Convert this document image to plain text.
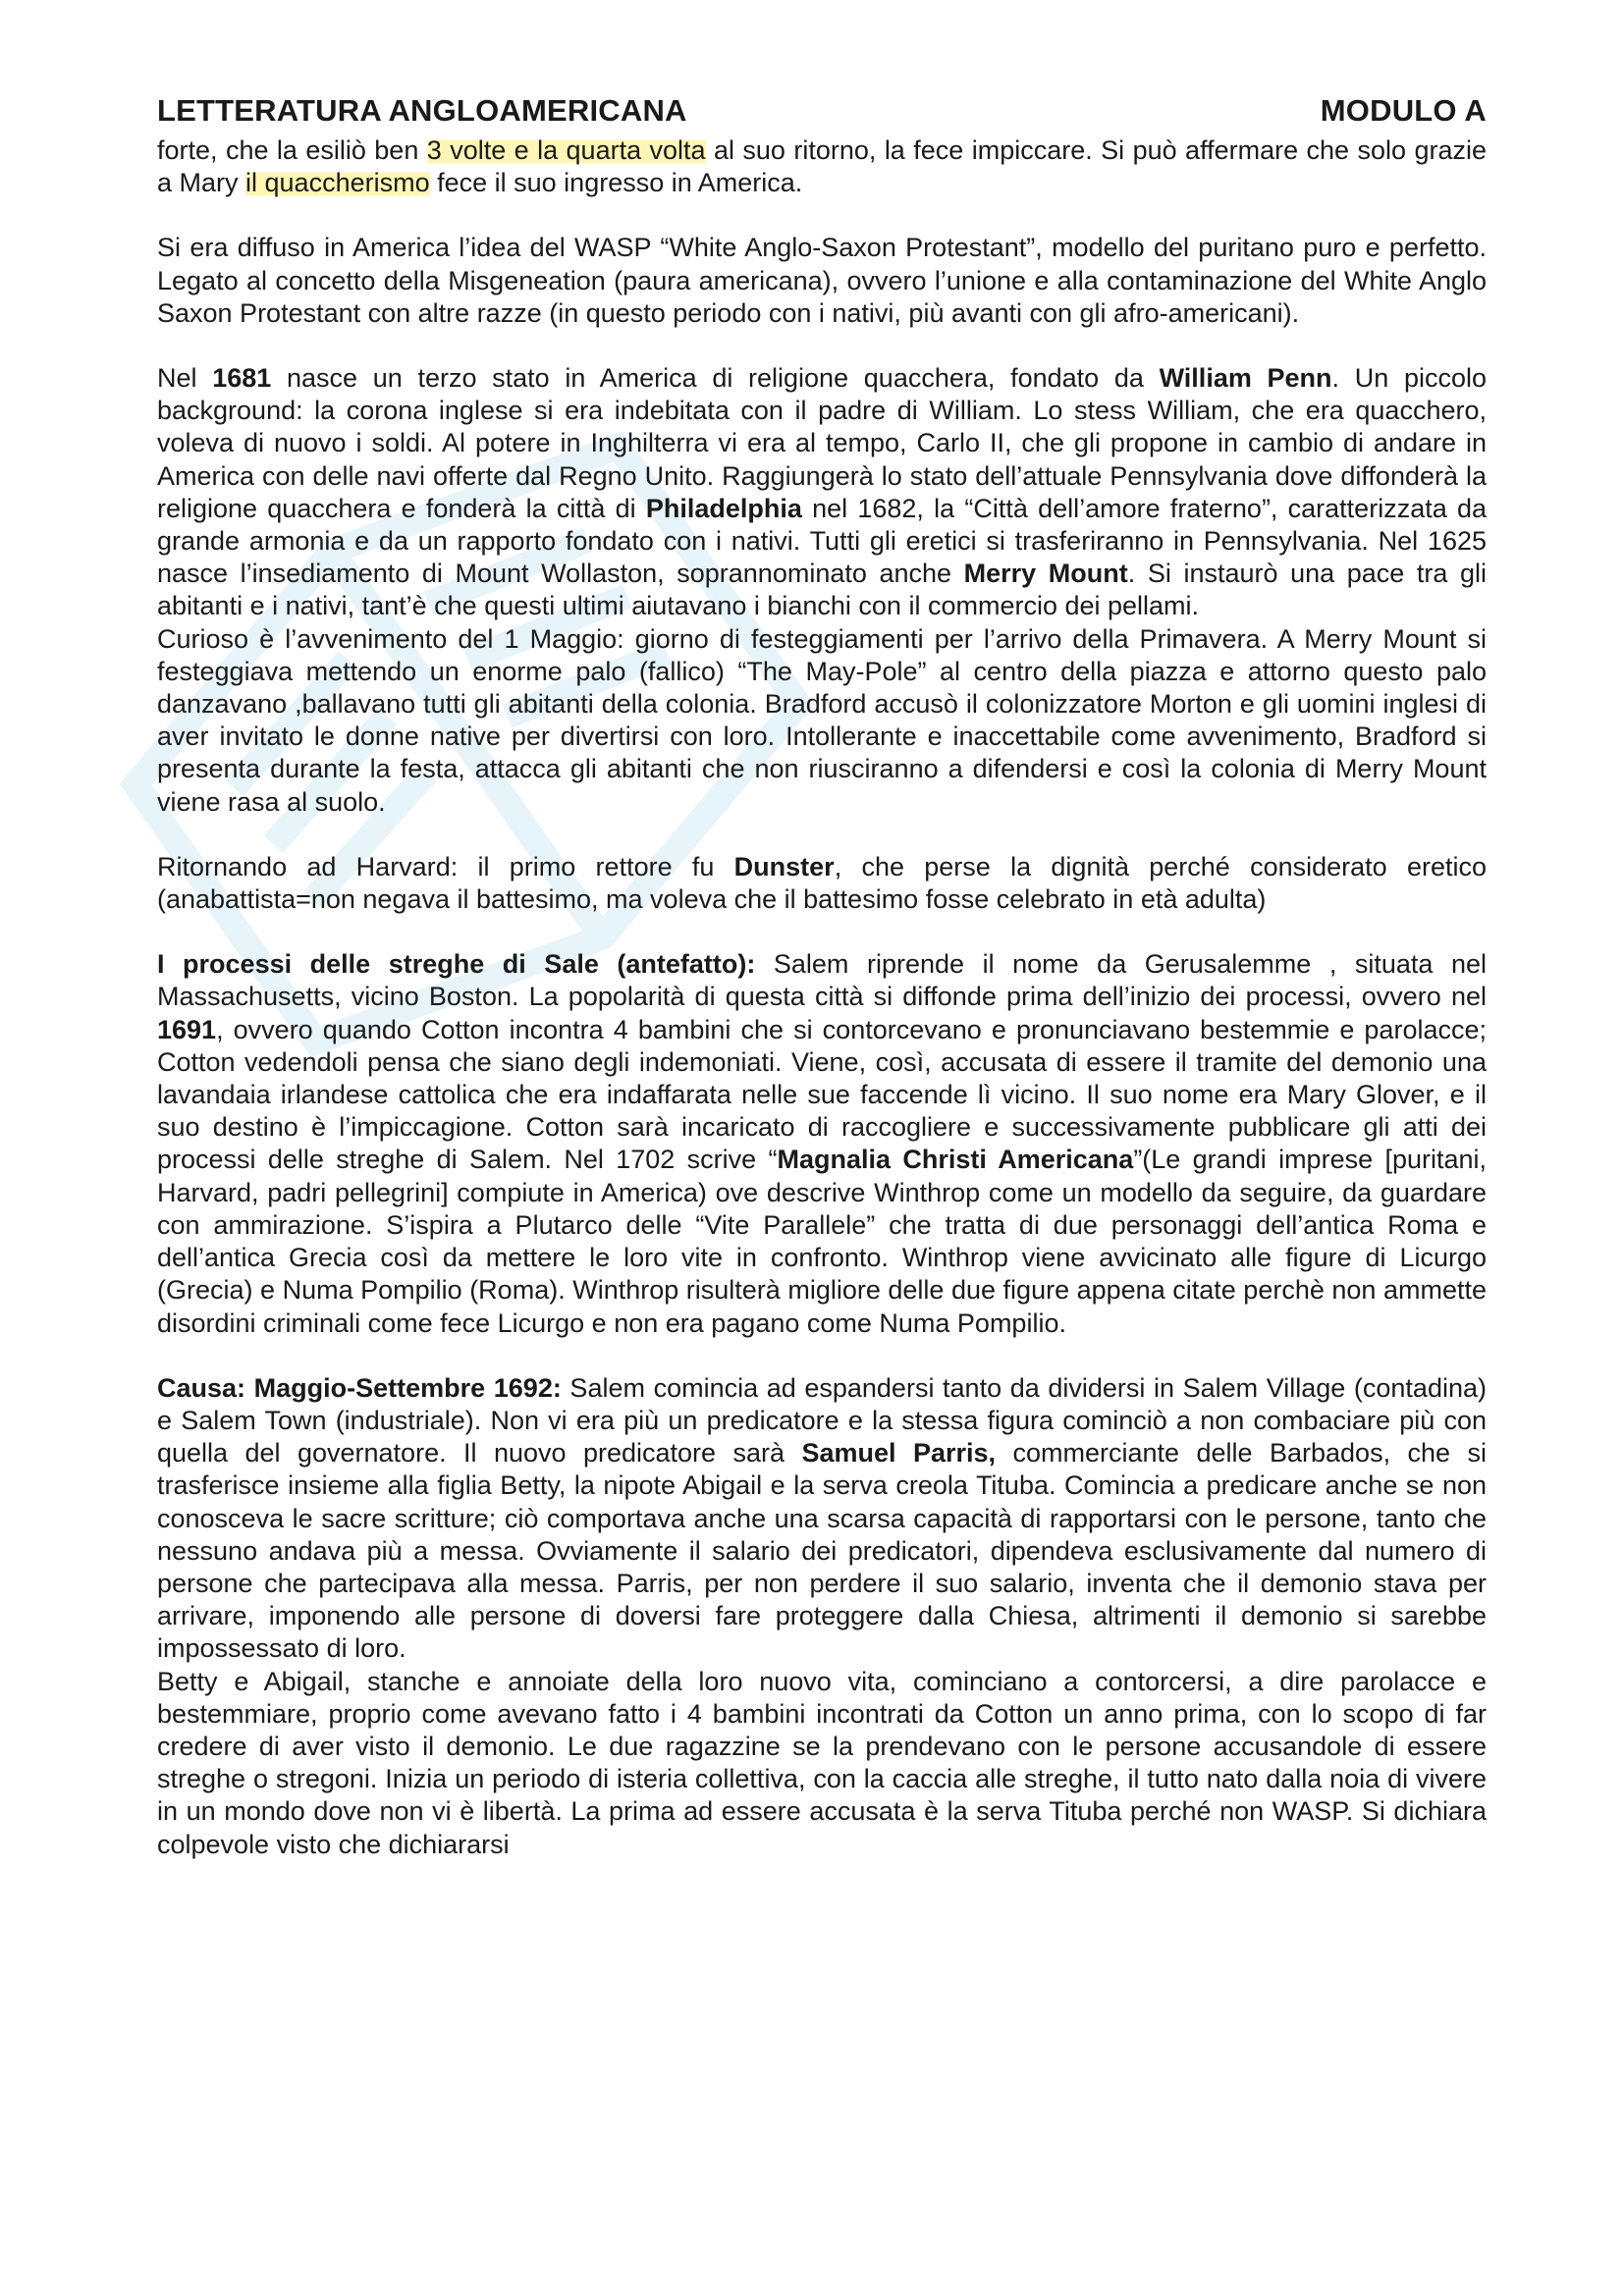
LETTERATURA ANGLOAMERICANA	MODULO A

forte, che la esiliò ben 3 volte e la quarta volta al suo ritorno, la fece impiccare. Si può affermare che solo grazie a Mary il quaccherismo fece il suo ingresso in America.

Si era diffuso in America l’idea del WASP “White Anglo-Saxon Protestant”, modello del puritano puro e perfetto. Legato al concetto della Misgeneation (paura americana), ovvero l’unione e alla contaminazione del White Anglo Saxon Protestant con altre razze (in questo periodo con i nativi, più avanti con gli afro-americani).

Nel 1681 nasce un terzo stato in America di religione quacchera, fondato da William Penn. Un piccolo background: la corona inglese si era indebitata con il padre di William. Lo stess William, che era quacchero, voleva di nuovo i soldi. Al potere in Inghilterra vi era al tempo, Carlo II, che gli propone in cambio di andare in America con delle navi offerte dal Regno Unito. Raggiungerà lo stato dell’attuale Pennsylvania dove diffonderà la religione quacchera e fonderà la città di Philadelphia nel 1682, la “Città dell’amore fraterno”, caratterizzata da grande armonia e da un rapporto fondato con i nativi. Tutti gli eretici si trasferiranno in Pennsylvania. Nel 1625 nasce l’insediamento di Mount Wollaston, soprannominato anche Merry Mount. Si instaurò una pace tra gli abitanti e i nativi, tant’è che questi ultimi aiutavano i bianchi con il commercio dei pellami.

Curioso è l’avvenimento del 1 Maggio: giorno di festeggiamenti per l’arrivo della Primavera. A Merry Mount si festeggiava mettendo un enorme palo (fallico) “The May-Pole” al centro della piazza e attorno questo palo danzavano ,ballavano tutti gli abitanti della colonia. Bradford accusò il colonizzatore Morton e gli uomini inglesi di aver invitato le donne native per divertirsi con loro. Intollerante e inaccettabile come avvenimento, Bradford si presenta durante la festa, attacca gli abitanti che non riusciranno a difendersi e così la colonia di Merry Mount viene rasa al suolo.

Ritornando ad Harvard: il primo rettore fu Dunster, che perse la dignità perché considerato eretico (anabattista=non negava il battesimo, ma voleva che il battesimo fosse celebrato in età adulta)

I processi delle streghe di Sale (antefatto): Salem riprende il nome da Gerusalemme , situata nel Massachusetts, vicino Boston. La popolarità di questa città si diffonde prima dell’inizio dei processi, ovvero nel 1691, ovvero quando Cotton incontra 4 bambini che si contorcevano e pronunciavano bestemmie e parolacce; Cotton vedendoli pensa che siano degli indemoniati. Viene, così, accusata di essere il tramite del demonio una lavandaia irlandese cattolica che era indaffarata nelle sue faccende lì vicino. Il suo nome era Mary Glover, e il suo destino è l’impiccagione. Cotton sarà incaricato di raccogliere e successivamente pubblicare gli atti dei processi delle streghe di Salem. Nel 1702 scrive “Magnalia Christi Americana”(Le grandi imprese [puritani, Harvard, padri pellegrini] compiute in America) ove descrive Winthrop come un modello da seguire, da guardare con ammirazione. S’ispira a Plutarco delle “Vite Parallele” che tratta di due personaggi dell’antica Roma e dell’antica Grecia così da mettere le loro vite in confronto. Winthrop viene avvicinato alle figure di Licurgo (Grecia) e Numa Pompilio (Roma). Winthrop risulterà migliore delle due figure appena citate perchè non ammette disordini criminali come fece Licurgo e non era pagano come Numa Pompilio.

Causa: Maggio-Settembre 1692: Salem comincia ad espandersi tanto da dividersi in Salem Village (contadina) e Salem Town (industriale). Non vi era più un predicatore e la stessa figura cominciò a non combaciare più con quella del governatore. Il nuovo predicatore sarà Samuel Parris, commerciante delle Barbados, che si trasferisce insieme alla figlia Betty, la nipote Abigail e la serva creola Tituba. Comincia a predicare anche se non conosceva le sacre scritture; ciò comportava anche una scarsa capacità di rapportarsi con le persone, tanto che nessuno andava più a messa. Ovviamente il salario dei predicatori, dipendeva esclusivamente dal numero di persone che partecipava alla messa. Parris, per non perdere il suo salario, inventa che il demonio stava per arrivare, imponendo alle persone di doversi fare proteggere dalla Chiesa, altrimenti il demonio si sarebbe impossessato di loro.

Betty e Abigail, stanche e annoiate della loro nuovo vita, cominciano a contorcersi, a dire parolacce e bestemmiare, proprio come avevano fatto i 4 bambini incontrati da Cotton un anno prima, con lo scopo di far credere di aver visto il demonio. Le due ragazzine se la prendevano con le persone accusandole di essere streghe o stregoni. Inizia un periodo di isteria collettiva, con la caccia alle streghe, il tutto nato dalla noia di vivere in un mondo dove non vi è libertà. La prima ad essere accusata è la serva Tituba perché non WASP. Si dichiara colpevole visto che dichiararsi
